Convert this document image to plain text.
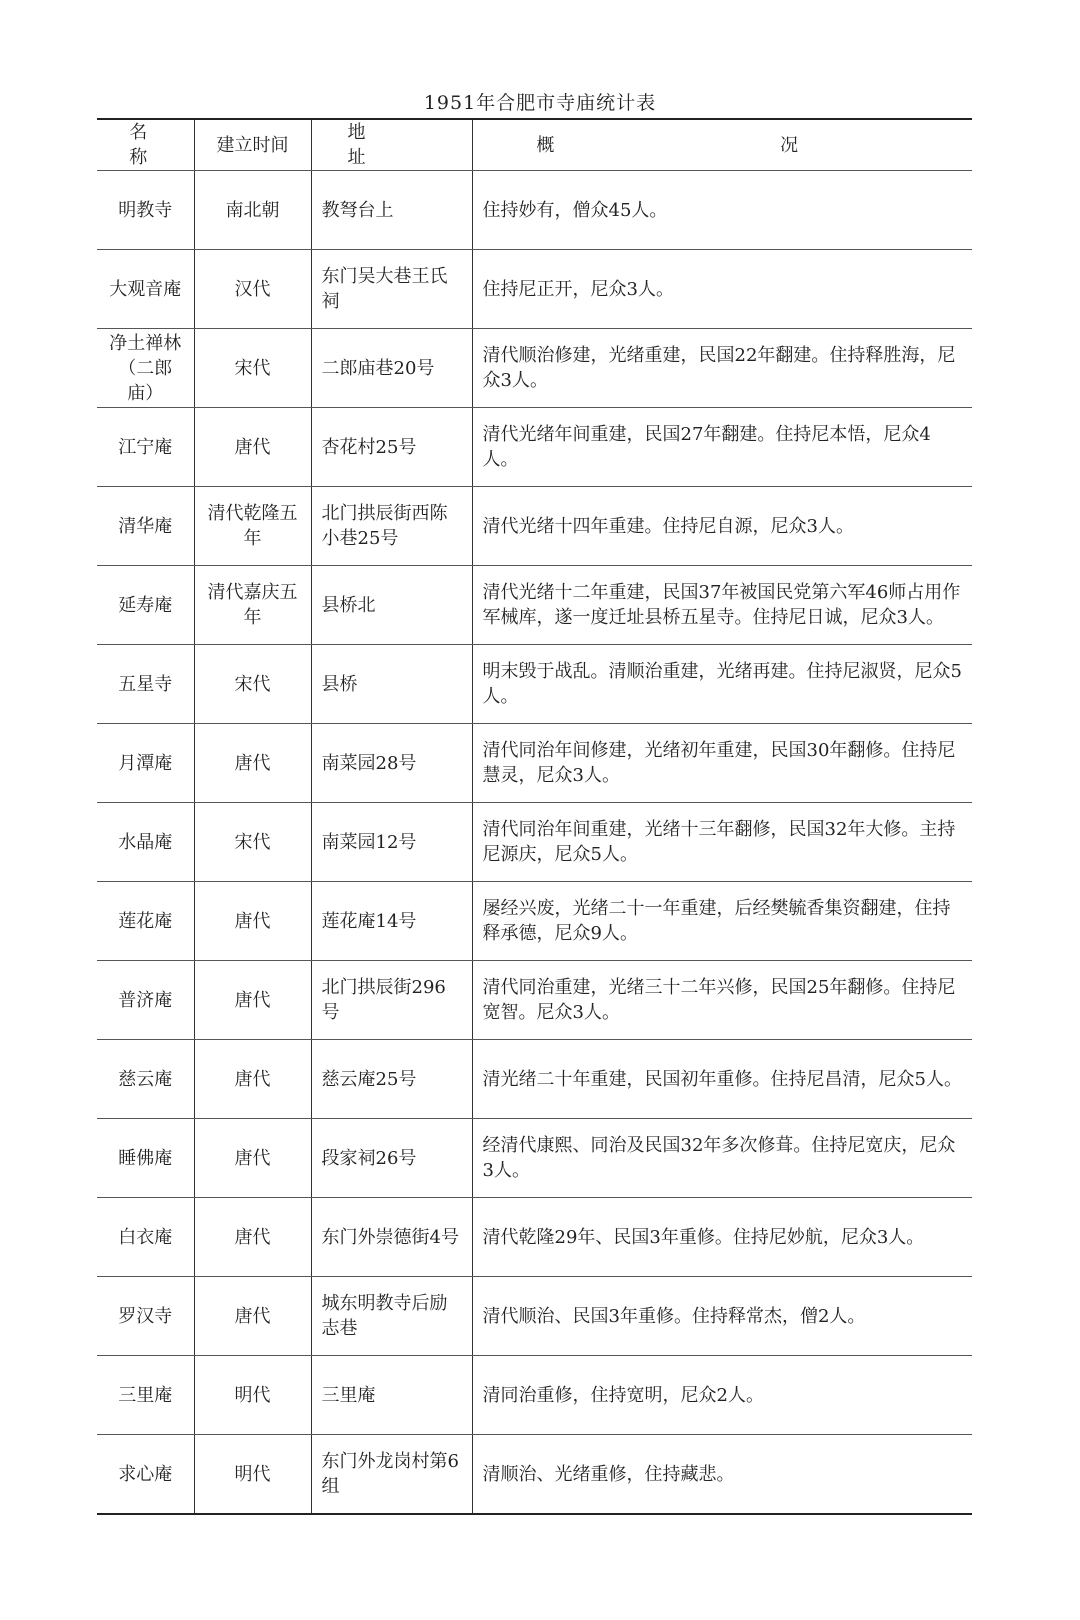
1951年合肥市寺庙统计表
名 称	建立时间	地 址	概 况
明教寺	南北朝	教弩台上	住持妙有，僧众45人。
大观音庵	汉代	东门吴大巷王氏祠	住持尼正开，尼众3人。
净土禅林（二郎庙）	宋代	二郎庙巷20号	清代顺治修建，光绪重建，民国22年翻建。住持释胜海，尼众3人。
江宁庵	唐代	杏花村25号	清代光绪年间重建，民国27年翻建。住持尼本悟，尼众4人。
清华庵	清代乾隆五年	北门拱辰街西陈小巷25号	清代光绪十四年重建。住持尼自源，尼众3人。
延寿庵	清代嘉庆五年	县桥北	清代光绪十二年重建，民国37年被国民党第六军46师占用作军械库，遂一度迁址县桥五星寺。住持尼日诚，尼众3人。
五星寺	宋代	县桥	明末毁于战乱。清顺治重建，光绪再建。住持尼淑贤，尼众5人。
月潭庵	唐代	南菜园28号	清代同治年间修建，光绪初年重建，民国30年翻修。住持尼慧灵，尼众3人。
水晶庵	宋代	南菜园12号	清代同治年间重建，光绪十三年翻修，民国32年大修。主持尼源庆，尼众5人。
莲花庵	唐代	莲花庵14号	屡经兴废，光绪二十一年重建，后经樊毓香集资翻建，住持释承德，尼众9人。
普济庵	唐代	北门拱辰街296号	清代同治重建，光绪三十二年兴修，民国25年翻修。住持尼宽智。尼众3人。
慈云庵	唐代	慈云庵25号	清光绪二十年重建，民国初年重修。住持尼昌清，尼众5人。
睡佛庵	唐代	段家祠26号	经清代康熙、同治及民国32年多次修葺。住持尼宽庆，尼众3人。
白衣庵	唐代	东门外崇德街4号	清代乾隆29年、民国3年重修。住持尼妙航，尼众3人。
罗汉寺	唐代	城东明教寺后励志巷	清代顺治、民国3年重修。住持释常杰，僧2人。
三里庵	明代	三里庵	清同治重修，住持宽明，尼众2人。
求心庵	明代	东门外龙岗村第6组	清顺治、光绪重修，住持藏悲。
